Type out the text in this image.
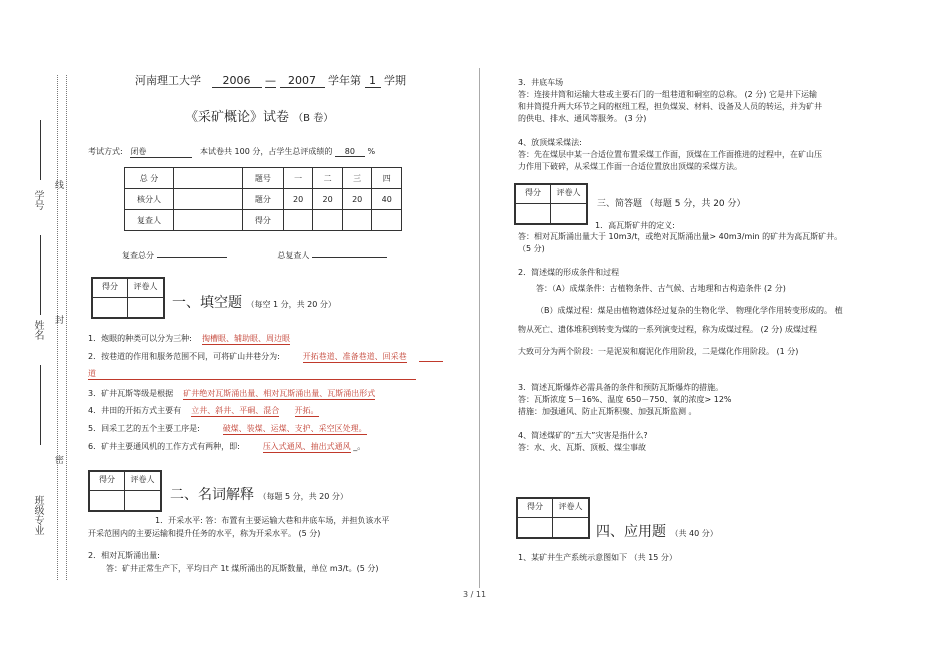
学号
线
姓名
封
密
班级专业
河南理工大学 2006 — 2007 学年第 1 学期
《采矿概论》试卷 （B 卷）
考试方式: 闭卷	本试卷共 100 分，占学生总评成绩的 80 %
总 分		题号	一	二	三	四
核分人		题分	20	20	20	40
复查人		得分				
复查总分	总复查人
得分	评卷人
一、填空题 （每空 1 分，共 20 分）
1．炮眼的种类可以分为三种: 掏槽眼、辅助眼、周边眼
2．按巷道的作用和服务范围不同，可将矿山井巷分为:	开拓巷道、准备巷道、回采巷
道
3．矿井瓦斯等级是根据 矿井绝对瓦斯涌出量、相对瓦斯涌出量、瓦斯涌出形式
4．井田的开拓方式主要有 立井、斜井、平硐、混合 开拓。
5．回采工艺的五个主要工序是:	破煤、装煤、运煤、支护、采空区处理。
6．矿井主要通风机的工作方式有两种，即:	压入式通风、抽出式通风 _。
得分	评卷人
二、名词解释 （每题 5 分，共 20 分）
1．开采水平: 答：布置有主要运输大巷和井底车场，并担负该水平
开采范围内的主要运输和提升任务的水平，称为开采水平。 (5 分)
2．相对瓦斯涌出量:
答：矿井正常生产下，平均日产 1t 煤所涌出的瓦斯数量，单位 m3/t。(5 分)
3．井底车场
答：连接井筒和运输大巷或主要石门的一组巷道和硐室的总称。 (2 分) 它是井下运输
和井筒提升两大环节之间的枢纽工程，担负煤炭、材料、设备及人员的转运，并为矿井
的供电、排水、通风等服务。 (3 分)
4、放顶煤采煤法:
答：先在煤层中某一合适位置布置采煤工作面，顶煤在工作面推进的过程中，在矿山压
力作用下破碎，从采煤工作面一合适位置放出顶煤的采煤方法。
得分	评卷人
三、简答题 （每题 5 分，共 20 分）
1．高瓦斯矿井的定义:
答：相对瓦斯涌出量大于 10m3/t，或绝对瓦斯涌出量> 40m3/min 的矿井为高瓦斯矿井。
（5 分)
2．简述煤的形成条件和过程
答：（A）成煤条件：古植物条件、古气候、古地理和古构造条件 (2 分)
（B）成煤过程：煤是由植物遗体经过复杂的生物化学、 物理化学作用转变形成的。 植
物从死亡、遗体堆积到转变为煤的一系列演变过程，称为成煤过程。 (2 分) 成煤过程
大致可分为两个阶段：一是泥炭和腐泥化作用阶段，二是煤化作用阶段。 (1 分)
3．简述瓦斯爆炸必需具备的条件和预防瓦斯爆炸的措施。
答：瓦斯浓度 5－16%、温度 650－750、氧的浓度> 12%
措施：加强通风、防止瓦斯积聚、加强瓦斯监测 。
4、简述煤矿的“五大”灾害是指什么?
答：水、火、瓦斯、顶板、煤尘事故
得分	评卷人
四、应用题 （共 40 分）
1、某矿井生产系统示意图如下 （共 15 分）
3 / 11
